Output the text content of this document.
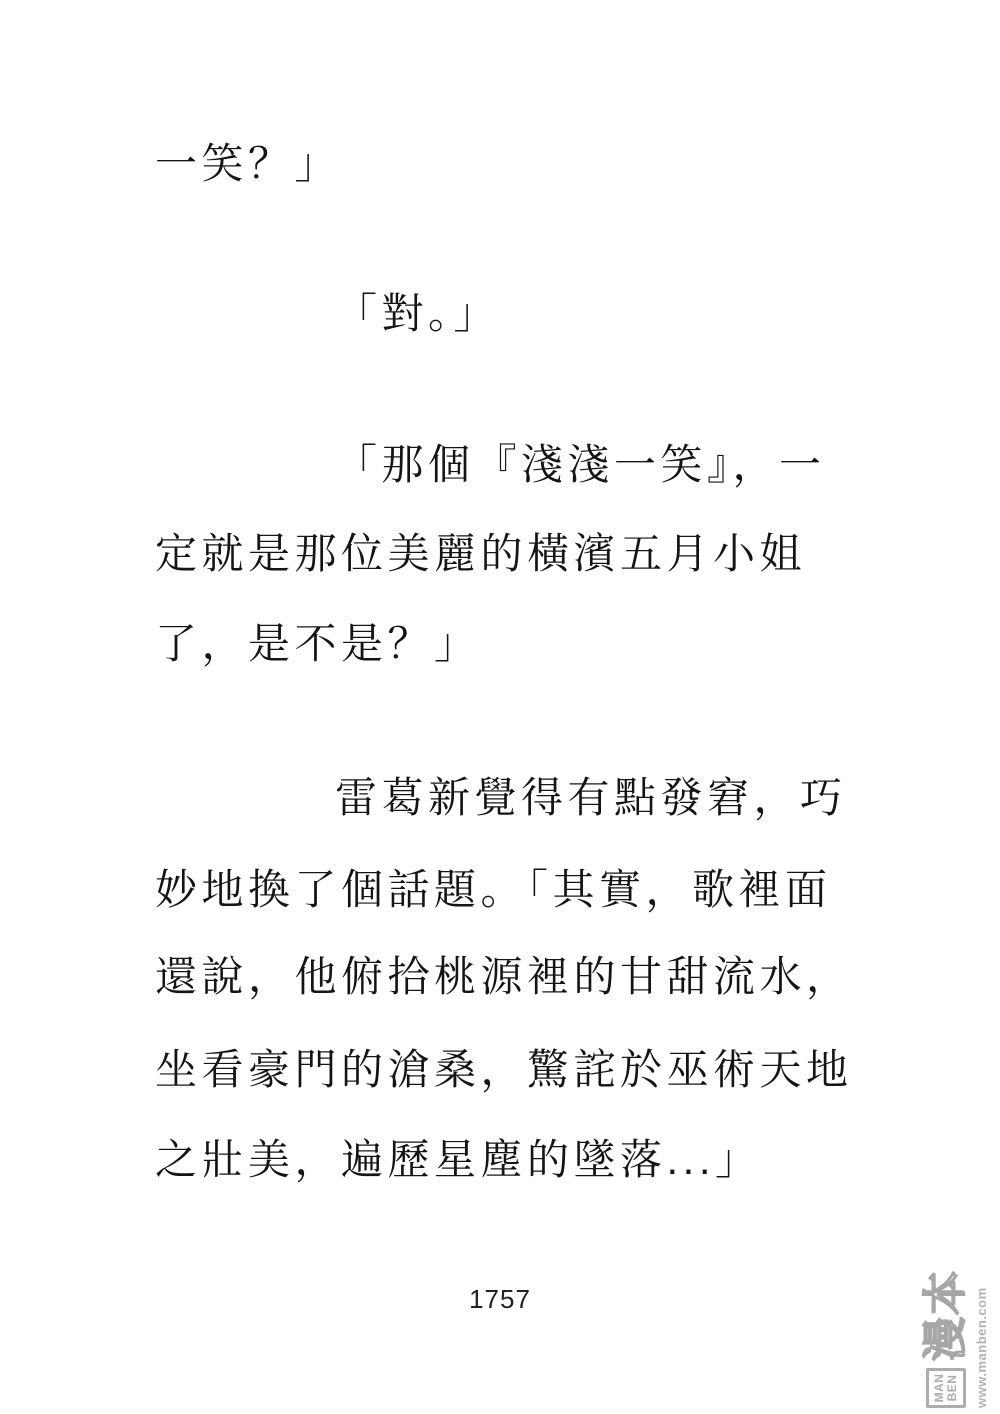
一笑？」
「對。」
「那個『淺淺一笑』，一
定就是那位美麗的橫濱五月小姐
了，是不是？」
雷葛新覺得有點發窘，巧
妙地換了個話題。「其實，歌裡面
還說，他俯拾桃源裡的甘甜流水，
坐看豪門的滄桑，驚詫於巫術天地
之壯美，遍歷星塵的墜落...」
1757
MAN BEN
漫本 www.manben.com
